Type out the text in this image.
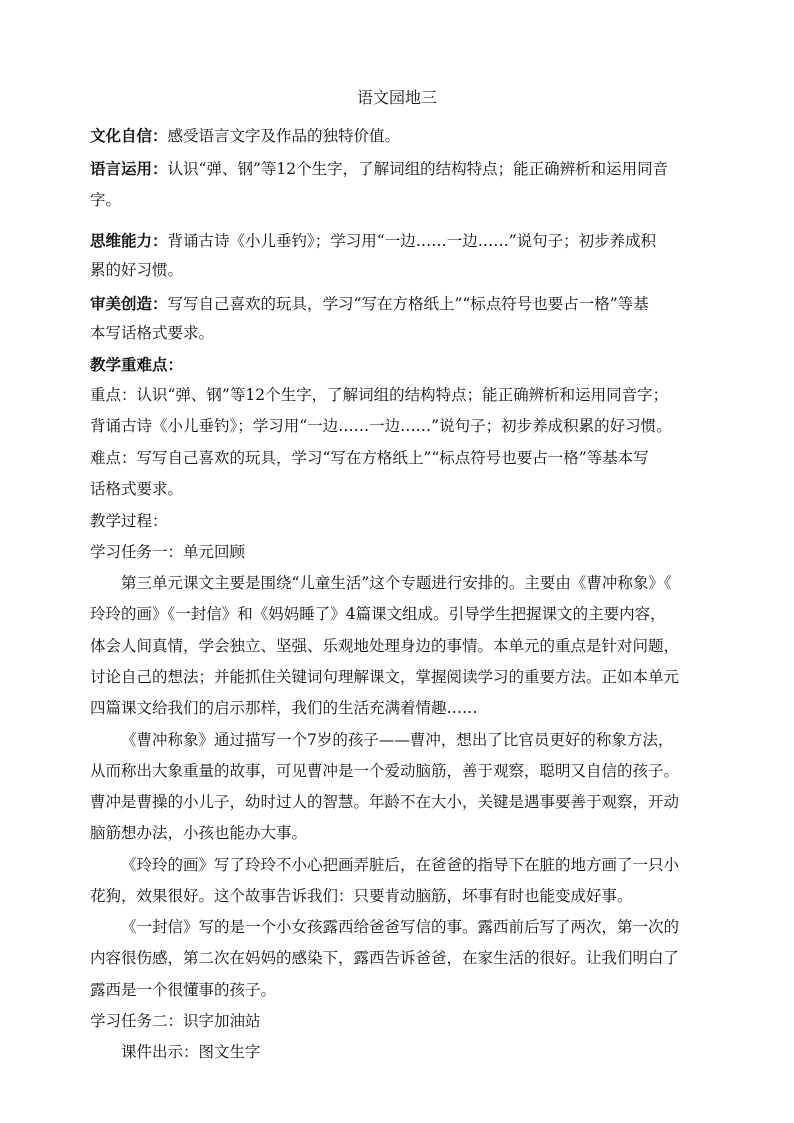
语文园地三
文化自信：感受语言文字及作品的独特价值。
语言运用：认识“弹、钢”等12个生字，了解词组的结构特点；能正确辨析和运用同音
字。
思维能力：背诵古诗《小儿垂钓》；学习用“一边……一边……”说句子；初步养成积
累的好习惯。
审美创造：写写自己喜欢的玩具，学习“写在方格纸上”“标点符号也要占一格”等基
本写话格式要求。
教学重难点：
重点：认识“弹、钢”等12个生字，了解词组的结构特点；能正确辨析和运用同音字；
背诵古诗《小儿垂钓》；学习用“一边……一边……”说句子；初步养成积累的好习惯。
难点：写写自己喜欢的玩具，学习“写在方格纸上”“标点符号也要占一格”等基本写
话格式要求。
教学过程：
学习任务一：单元回顾
第三单元课文主要是围绕“儿童生活”这个专题进行安排的。主要由《曹冲称象》《
玲玲的画》《一封信》和《妈妈睡了》4篇课文组成。引导学生把握课文的主要内容，
体会人间真情，学会独立、坚强、乐观地处理身边的事情。本单元的重点是针对问题，
讨论自己的想法；并能抓住关键词句理解课文，掌握阅读学习的重要方法。正如本单元
四篇课文给我们的启示那样，我们的生活充满着情趣……
《曹冲称象》通过描写一个7岁的孩子——曹冲，想出了比官员更好的称象方法，
从而称出大象重量的故事，可见曹冲是一个爱动脑筋，善于观察，聪明又自信的孩子。
曹冲是曹操的小儿子，幼时过人的智慧。年龄不在大小，关键是遇事要善于观察，开动
脑筋想办法，小孩也能办大事。
《玲玲的画》写了玲玲不小心把画弄脏后，在爸爸的指导下在脏的地方画了一只小
花狗，效果很好。这个故事告诉我们：只要肯动脑筋，坏事有时也能变成好事。
《一封信》写的是一个小女孩露西给爸爸写信的事。露西前后写了两次，第一次的
内容很伤感，第二次在妈妈的感染下，露西告诉爸爸，在家生活的很好。让我们明白了
露西是一个很懂事的孩子。
学习任务二：识字加油站
课件出示：图文生字
